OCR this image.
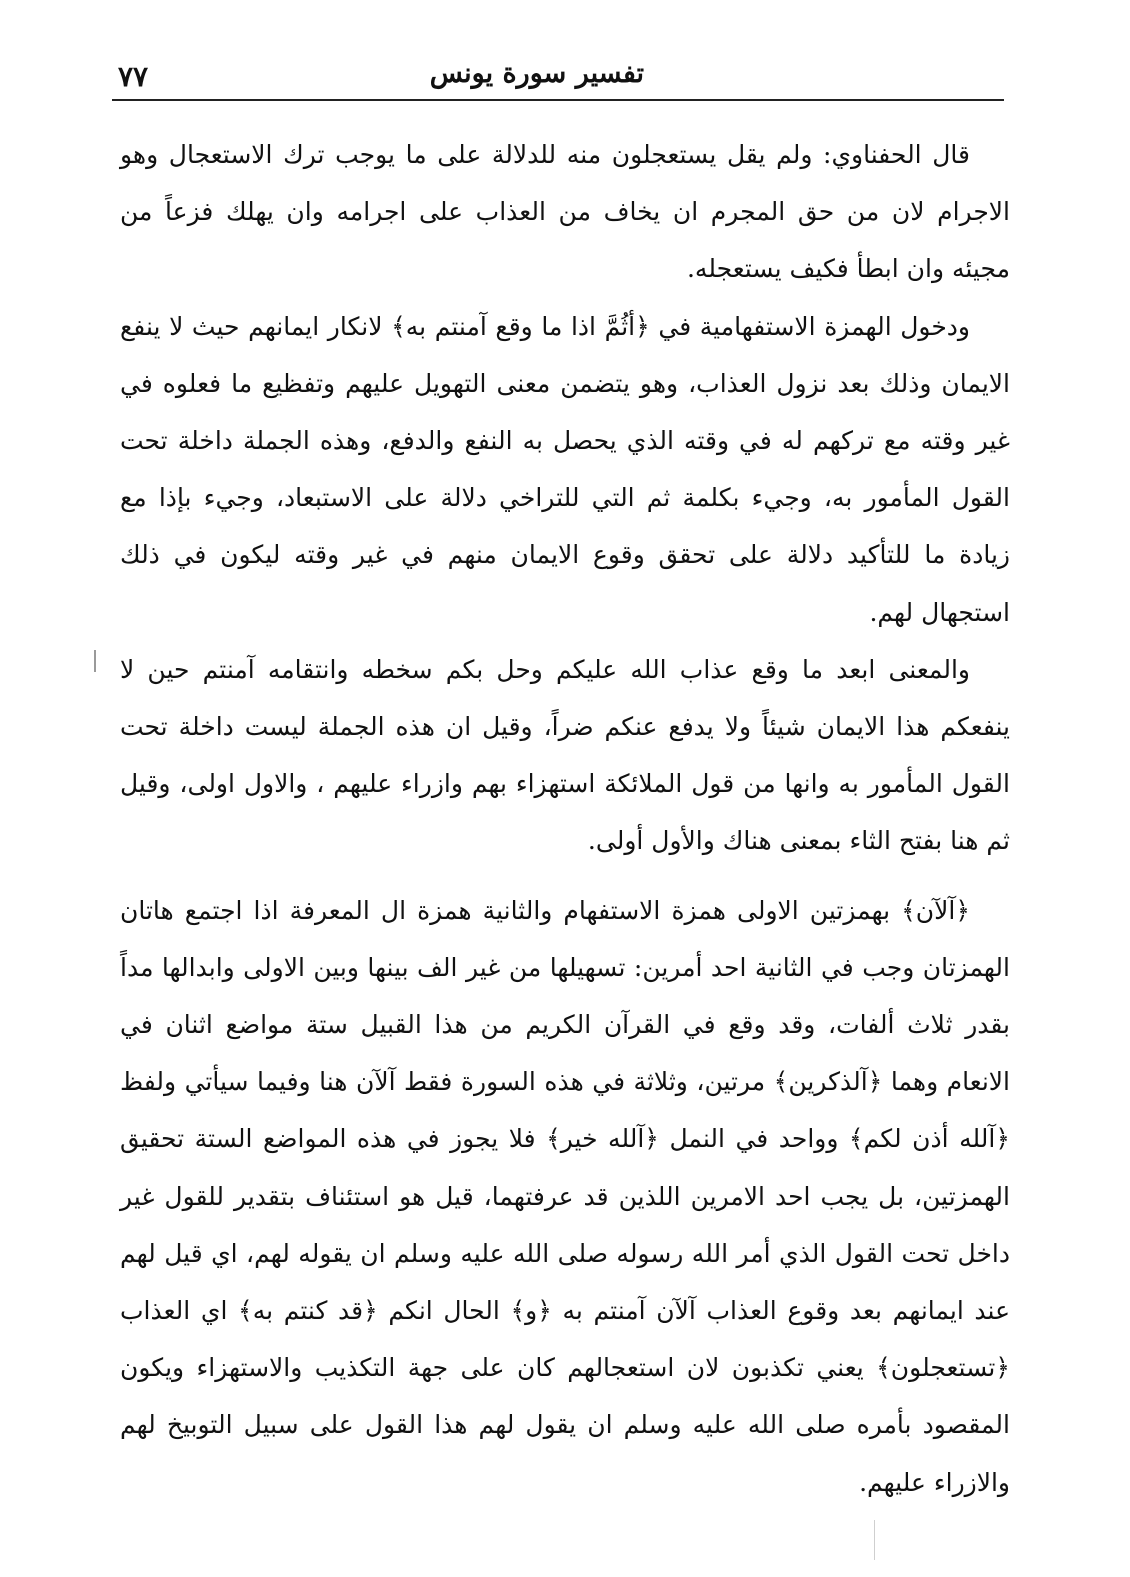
تفسير سورة يونس
٧٧

قال الحفناوي: ولم يقل يستعجلون منه للدلالة على ما يوجب ترك الاستعجال وهو الاجرام لان من حق المجرم ان يخاف من العذاب على اجرامه وان يهلك فزعاً من مجيئه وان ابطأ فكيف يستعجله.

ودخول الهمزة الاستفهامية في ﴿أثُمَّ اذا ما وقع آمنتم به﴾ لانكار ايمانهم حيث لا ينفع الايمان وذلك بعد نزول العذاب، وهو يتضمن معنى التهويل عليهم وتفظيع ما فعلوه في غير وقته مع تركهم له في وقته الذي يحصل به النفع والدفع، وهذه الجملة داخلة تحت القول المأمور به، وجيء بكلمة ثم التي للتراخي دلالة على الاستبعاد، وجيء بإذا مع زيادة ما للتأكيد دلالة على تحقق وقوع الايمان منهم في غير وقته ليكون في ذلك استجهال لهم.

والمعنى ابعد ما وقع عذاب الله عليكم وحل بكم سخطه وانتقامه آمنتم حين لا ينفعكم هذا الايمان شيئاً ولا يدفع عنكم ضراً، وقيل ان هذه الجملة ليست داخلة تحت القول المأمور به وانها من قول الملائكة استهزاء بهم وازراء عليهم ، والاول اولى، وقيل ثم هنا بفتح الثاء بمعنى هناك والأول أولى.

﴿آلآن﴾ بهمزتين الاولى همزة الاستفهام والثانية همزة ال المعرفة اذا اجتمع هاتان الهمزتان وجب في الثانية احد أمرين: تسهيلها من غير الف بينها وبين الاولى وابدالها مداً بقدر ثلاث ألفات، وقد وقع في القرآن الكريم من هذا القبيل ستة مواضع اثنان في الانعام وهما ﴿آلذكرين﴾ مرتين، وثلاثة في هذه السورة فقط آلآن هنا وفيما سيأتي ولفظ ﴿آلله أذن لكم﴾ وواحد في النمل ﴿آلله خير﴾ فلا يجوز في هذه المواضع الستة تحقيق الهمزتين، بل يجب احد الامرين اللذين قد عرفتهما، قيل هو استئناف بتقدير للقول غير داخل تحت القول الذي أمر الله رسوله صلى الله عليه وسلم ان يقوله لهم، اي قيل لهم عند ايمانهم بعد وقوع العذاب آلآن آمنتم به ﴿و﴾ الحال انكم ﴿قد كنتم به﴾ اي العذاب ﴿تستعجلون﴾ يعني تكذبون لان استعجالهم كان على جهة التكذيب والاستهزاء ويكون المقصود بأمره صلى الله عليه وسلم ان يقول لهم هذا القول على سبيل التوبيخ لهم والازراء عليهم.
